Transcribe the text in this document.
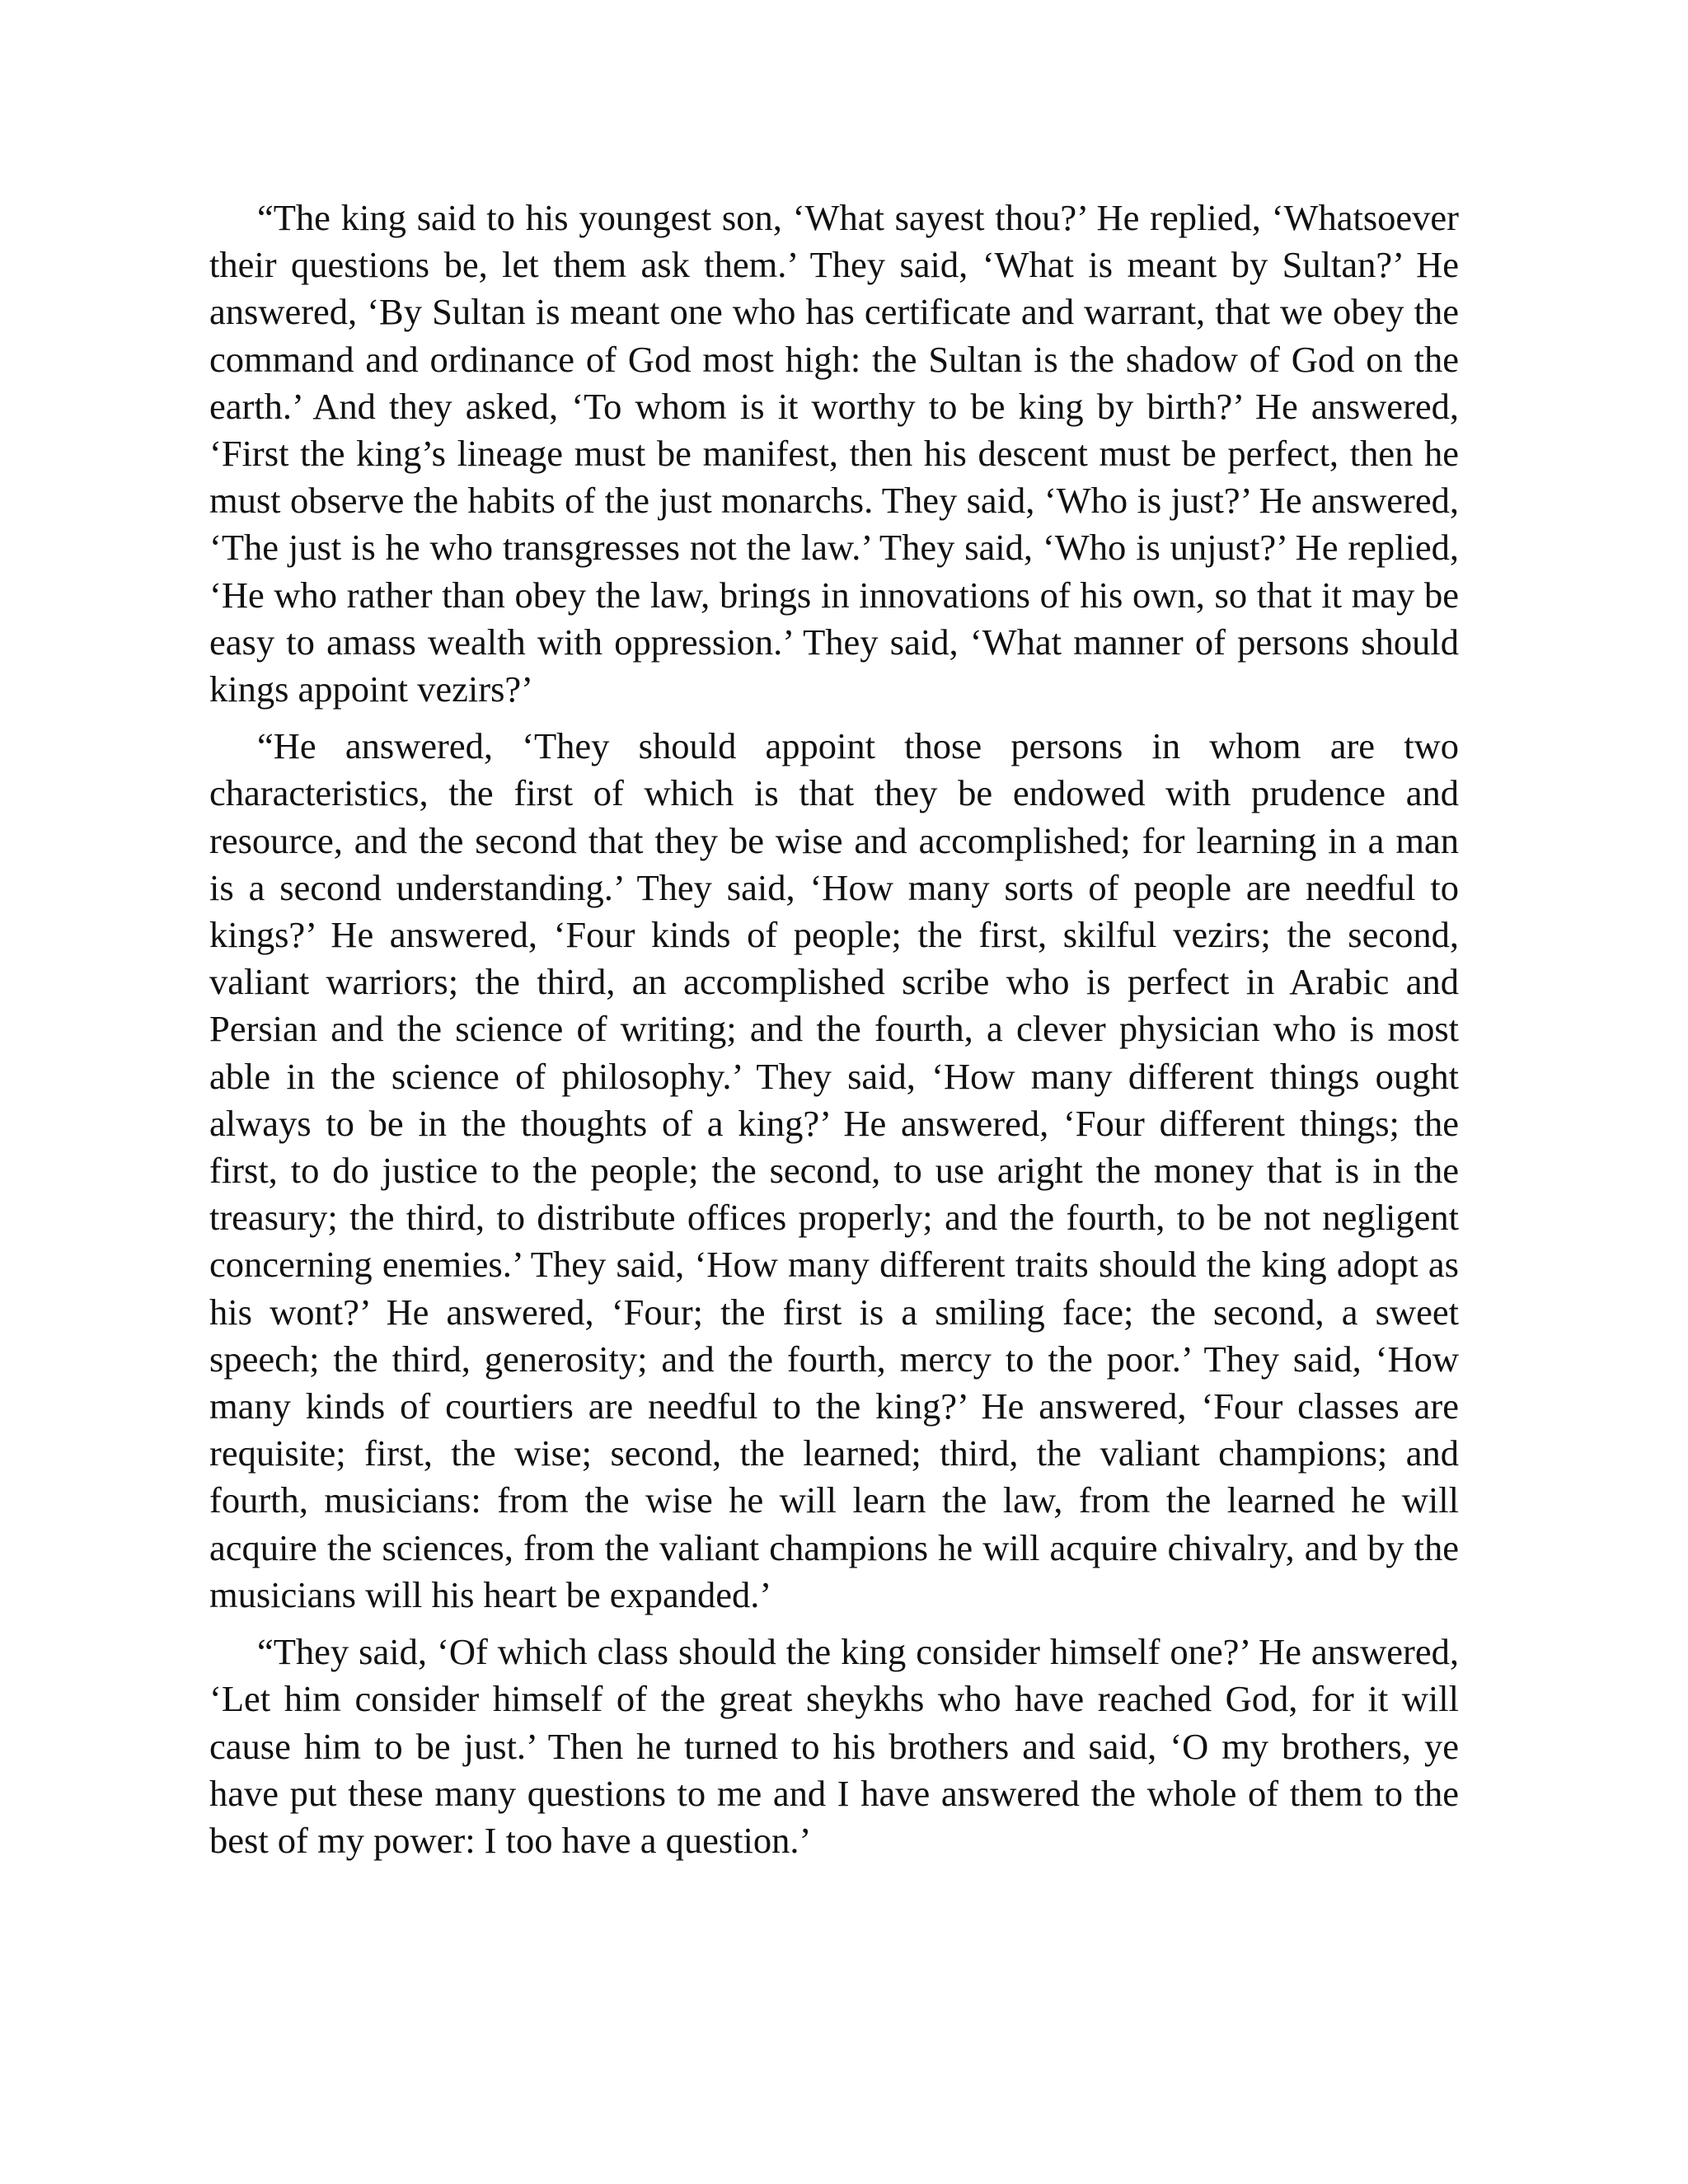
“The king said to his youngest son, ‘What sayest thou?’ He replied, ‘Whatsoever their questions be, let them ask them.’ They said, ‘What is meant by Sultan?’ He answered, ‘By Sultan is meant one who has certificate and warrant, that we obey the command and ordinance of God most high: the Sultan is the shadow of God on the earth.’ And they asked, ‘To whom is it worthy to be king by birth?’ He answered, ‘First the king’s lineage must be manifest, then his descent must be perfect, then he must observe the habits of the just monarchs. They said, ‘Who is just?’ He answered, ‘The just is he who transgresses not the law.’ They said, ‘Who is unjust?’ He replied, ‘He who rather than obey the law, brings in innovations of his own, so that it may be easy to amass wealth with oppression.’ They said, ‘What manner of persons should kings appoint vezirs?’

“He answered, ‘They should appoint those persons in whom are two characteristics, the first of which is that they be endowed with prudence and resource, and the second that they be wise and accomplished; for learning in a man is a second understanding.’ They said, ‘How many sorts of people are needful to kings?’ He answered, ‘Four kinds of people; the first, skilful vezirs; the second, valiant warriors; the third, an accomplished scribe who is perfect in Arabic and Persian and the science of writing; and the fourth, a clever physician who is most able in the science of philosophy.’ They said, ‘How many different things ought always to be in the thoughts of a king?’ He answered, ‘Four different things; the first, to do justice to the people; the second, to use aright the money that is in the treasury; the third, to distribute offices properly; and the fourth, to be not negligent concerning enemies.’ They said, ‘How many different traits should the king adopt as his wont?’ He answered, ‘Four; the first is a smiling face; the second, a sweet speech; the third, generosity; and the fourth, mercy to the poor.’ They said, ‘How many kinds of courtiers are needful to the king?’ He answered, ‘Four classes are requisite; first, the wise; second, the learned; third, the valiant champions; and fourth, musicians: from the wise he will learn the law, from the learned he will acquire the sciences, from the valiant champions he will acquire chivalry, and by the musicians will his heart be expanded.’

“They said, ‘Of which class should the king consider himself one?’ He answered, ‘Let him consider himself of the great sheykhs who have reached God, for it will cause him to be just.’ Then he turned to his brothers and said, ‘O my brothers, ye have put these many questions to me and I have answered the whole of them to the best of my power: I too have a question.’
